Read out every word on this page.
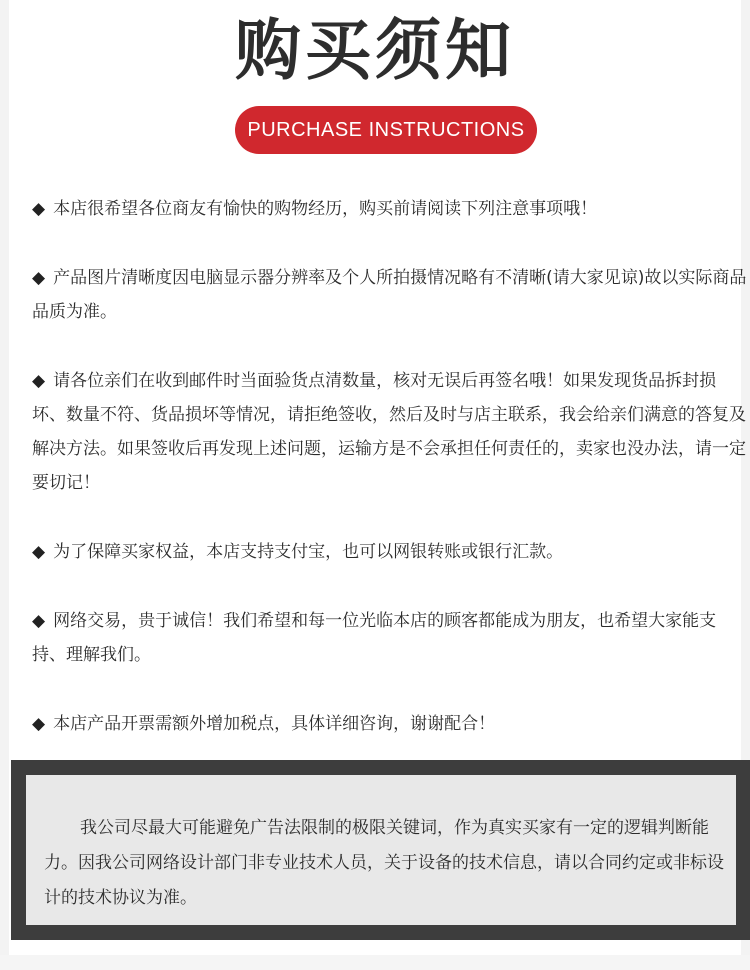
购买须知
PURCHASE INSTRUCTIONS

◆ 本店很希望各位商友有愉快的购物经历，购买前请阅读下列注意事项哦！

◆ 产品图片清晰度因电脑显示器分辨率及个人所拍摄情况略有不清晰(请大家见谅)故以实际商品品质为准。

◆ 请各位亲们在收到邮件时当面验货点清数量，核对无误后再签名哦！如果发现货品拆封损坏、数量不符、货品损坏等情况，请拒绝签收，然后及时与店主联系，我会给亲们满意的答复及解决方法。如果签收后再发现上述问题，运输方是不会承担任何责任的，卖家也没办法，请一定要切记！

◆ 为了保障买家权益，本店支持支付宝，也可以网银转账或银行汇款。

◆ 网络交易，贵于诚信！我们希望和每一位光临本店的顾客都能成为朋友，也希望大家能支持、理解我们。

◆ 本店产品开票需额外增加税点，具体详细咨询，谢谢配合！

我公司尽最大可能避免广告法限制的极限关键词，作为真实买家有一定的逻辑判断能力。因我公司网络设计部门非专业技术人员，关于设备的技术信息，请以合同约定或非标设计的技术协议为准。
